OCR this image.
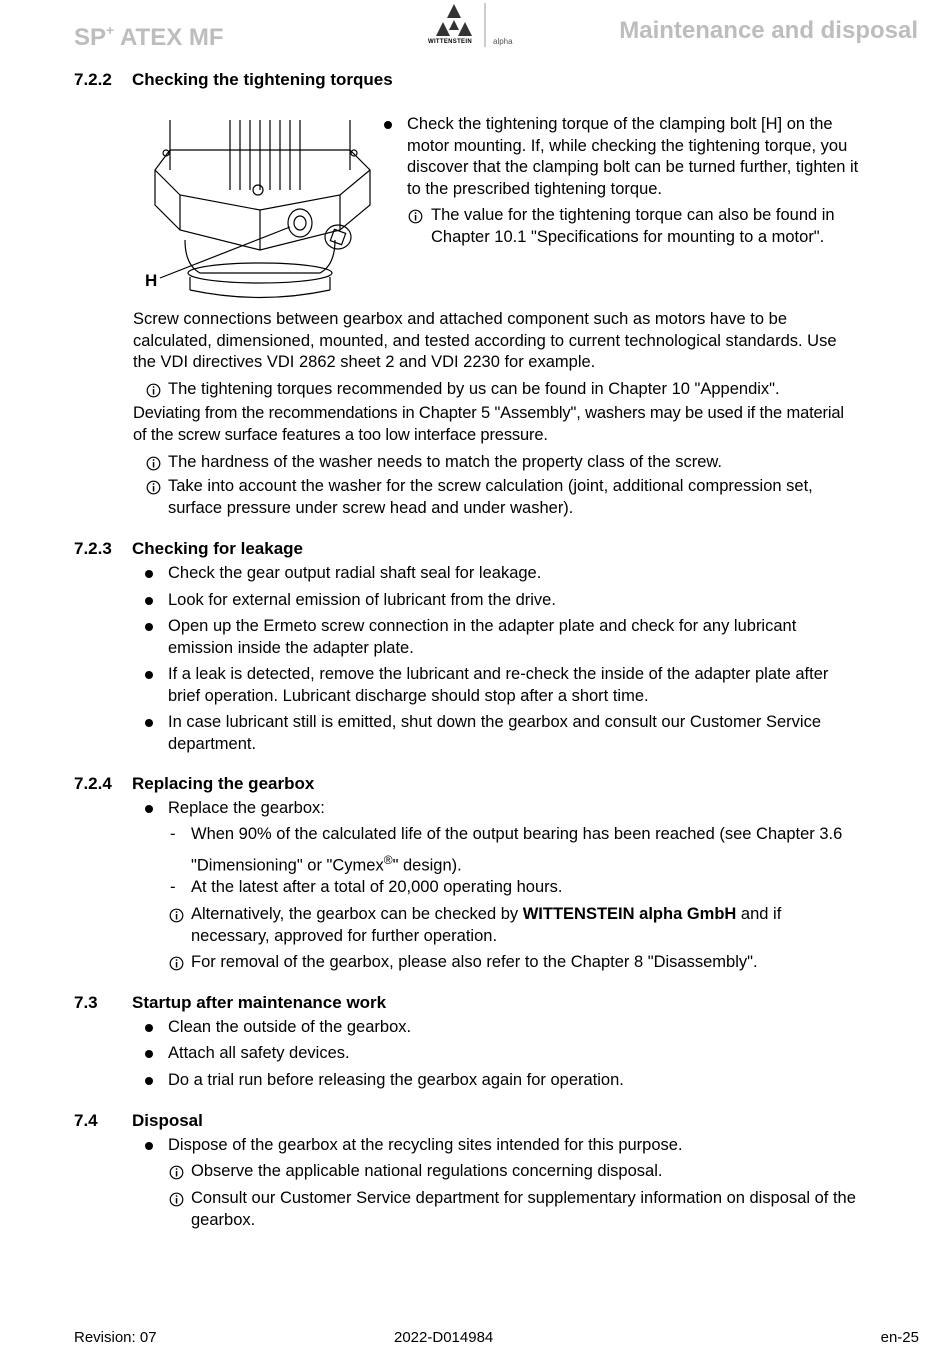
SP+ ATEX MF	WITTENSTEIN	alpha	Maintenance and disposal
7.2.2 Checking the tightening torques
H
Check the tightening torque of the clamping bolt [H] on the
motor mounting. If, while checking the tightening torque, you
discover that the clamping bolt can be turned further, tighten it
to the prescribed tightening torque.
The value for the tightening torque can also be found in
Chapter 10.1 "Specifications for mounting to a motor".
Screw connections between gearbox and attached component such as motors have to be
calculated, dimensioned, mounted, and tested according to current technological standards. Use
the VDI directives VDI 2862 sheet 2 and VDI 2230 for example.
The tightening torques recommended by us can be found in Chapter 10 "Appendix".
Deviating from the recommendations in Chapter 5 "Assembly", washers may be used if the material
of the screw surface features a too low interface pressure.
The hardness of the washer needs to match the property class of the screw.
Take into account the washer for the screw calculation (joint, additional compression set,
surface pressure under screw head and under washer).
7.2.3 Checking for leakage
Check the gear output radial shaft seal for leakage.
Look for external emission of lubricant from the drive.
Open up the Ermeto screw connection in the adapter plate and check for any lubricant
emission inside the adapter plate.
If a leak is detected, remove the lubricant and re-check the inside of the adapter plate after
brief operation. Lubricant discharge should stop after a short time.
In case lubricant still is emitted, shut down the gearbox and consult our Customer Service
department.
7.2.4 Replacing the gearbox
Replace the gearbox:
- When 90% of the calculated life of the output bearing has been reached (see Chapter 3.6
"Dimensioning" or "Cymex®" design).
- At the latest after a total of 20,000 operating hours.
Alternatively, the gearbox can be checked by WITTENSTEIN alpha GmbH and if
necessary, approved for further operation.
For removal of the gearbox, please also refer to the Chapter 8 "Disassembly".
7.3 Startup after maintenance work
Clean the outside of the gearbox.
Attach all safety devices.
Do a trial run before releasing the gearbox again for operation.
7.4 Disposal
Dispose of the gearbox at the recycling sites intended for this purpose.
Observe the applicable national regulations concerning disposal.
Consult our Customer Service department for supplementary information on disposal of the
gearbox.
Revision: 07	2022-D014984	en-25
